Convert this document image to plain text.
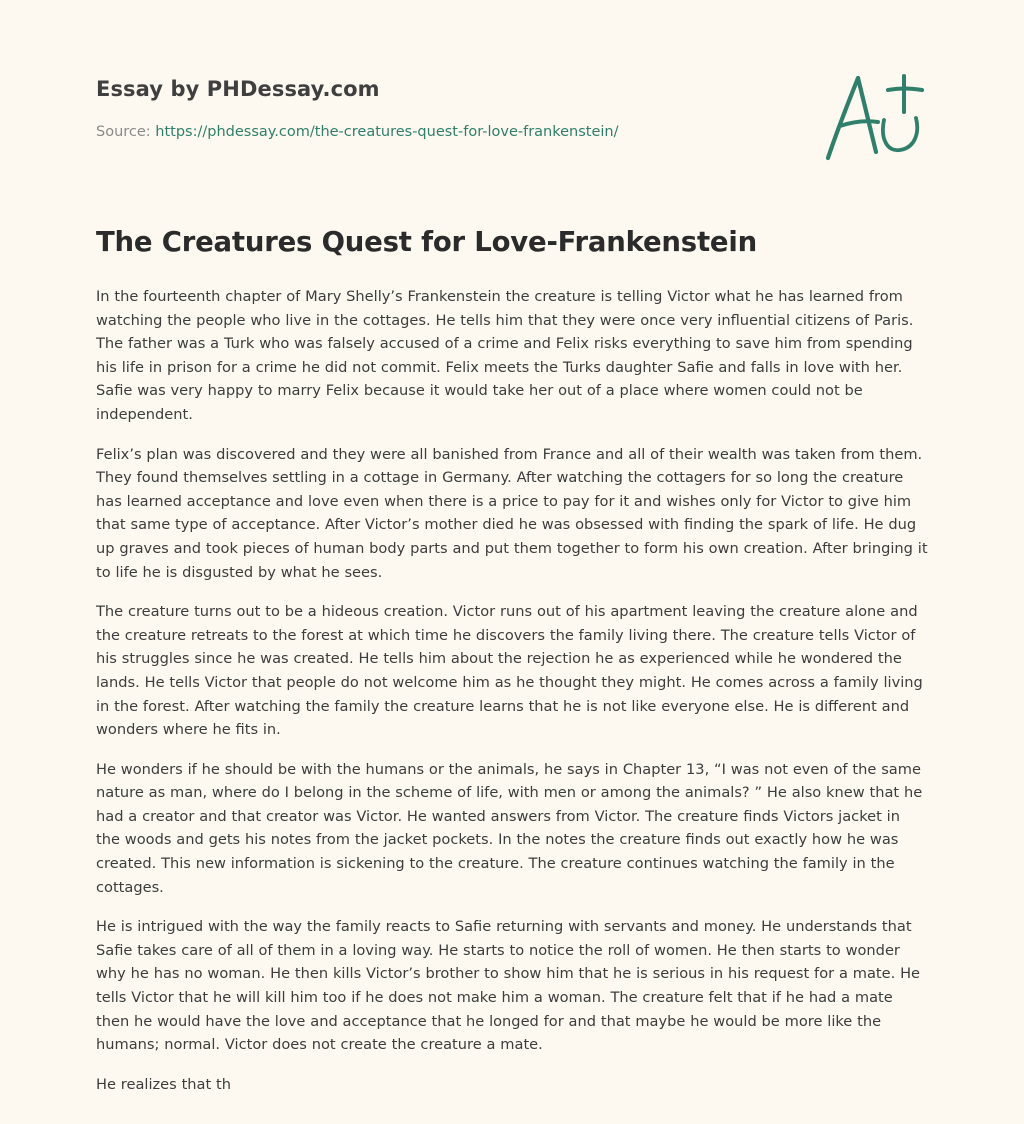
Essay by PHDessay.com
Source: https://phdessay.com/the-creatures-quest-for-love-frankenstein/
The Creatures Quest for Love-Frankenstein

In the fourteenth chapter of Mary Shelly’s Frankenstein the creature is telling Victor what he has learned from watching the people who live in the cottages. He tells him that they were once very influential citizens of Paris. The father was a Turk who was falsely accused of a crime and Felix risks everything to save him from spending his life in prison for a crime he did not commit. Felix meets the Turks daughter Safie and falls in love with her. Safie was very happy to marry Felix because it would take her out of a place where women could not be independent.

Felix’s plan was discovered and they were all banished from France and all of their wealth was taken from them. They found themselves settling in a cottage in Germany. After watching the cottagers for so long the creature has learned acceptance and love even when there is a price to pay for it and wishes only for Victor to give him that same type of acceptance. After Victor’s mother died he was obsessed with finding the spark of life. He dug up graves and took pieces of human body parts and put them together to form his own creation. After bringing it to life he is disgusted by what he sees.

The creature turns out to be a hideous creation. Victor runs out of his apartment leaving the creature alone and the creature retreats to the forest at which time he discovers the family living there. The creature tells Victor of his struggles since he was created. He tells him about the rejection he as experienced while he wondered the lands. He tells Victor that people do not welcome him as he thought they might. He comes across a family living in the forest. After watching the family the creature learns that he is not like everyone else. He is different and wonders where he fits in.

He wonders if he should be with the humans or the animals, he says in Chapter 13, “I was not even of the same nature as man, where do I belong in the scheme of life, with men or among the animals? ” He also knew that he had a creator and that creator was Victor. He wanted answers from Victor. The creature finds Victors jacket in the woods and gets his notes from the jacket pockets. In the notes the creature finds out exactly how he was created. This new information is sickening to the creature. The creature continues watching the family in the cottages.

He is intrigued with the way the family reacts to Safie returning with servants and money. He understands that Safie takes care of all of them in a loving way. He starts to notice the roll of women. He then starts to wonder why he has no woman. He then kills Victor’s brother to show him that he is serious in his request for a mate. He tells Victor that he will kill him too if he does not make him a woman. The creature felt that if he had a mate then he would have the love and acceptance that he longed for and that maybe he would be more like the humans; normal. Victor does not create the creature a mate.

He realizes that th
